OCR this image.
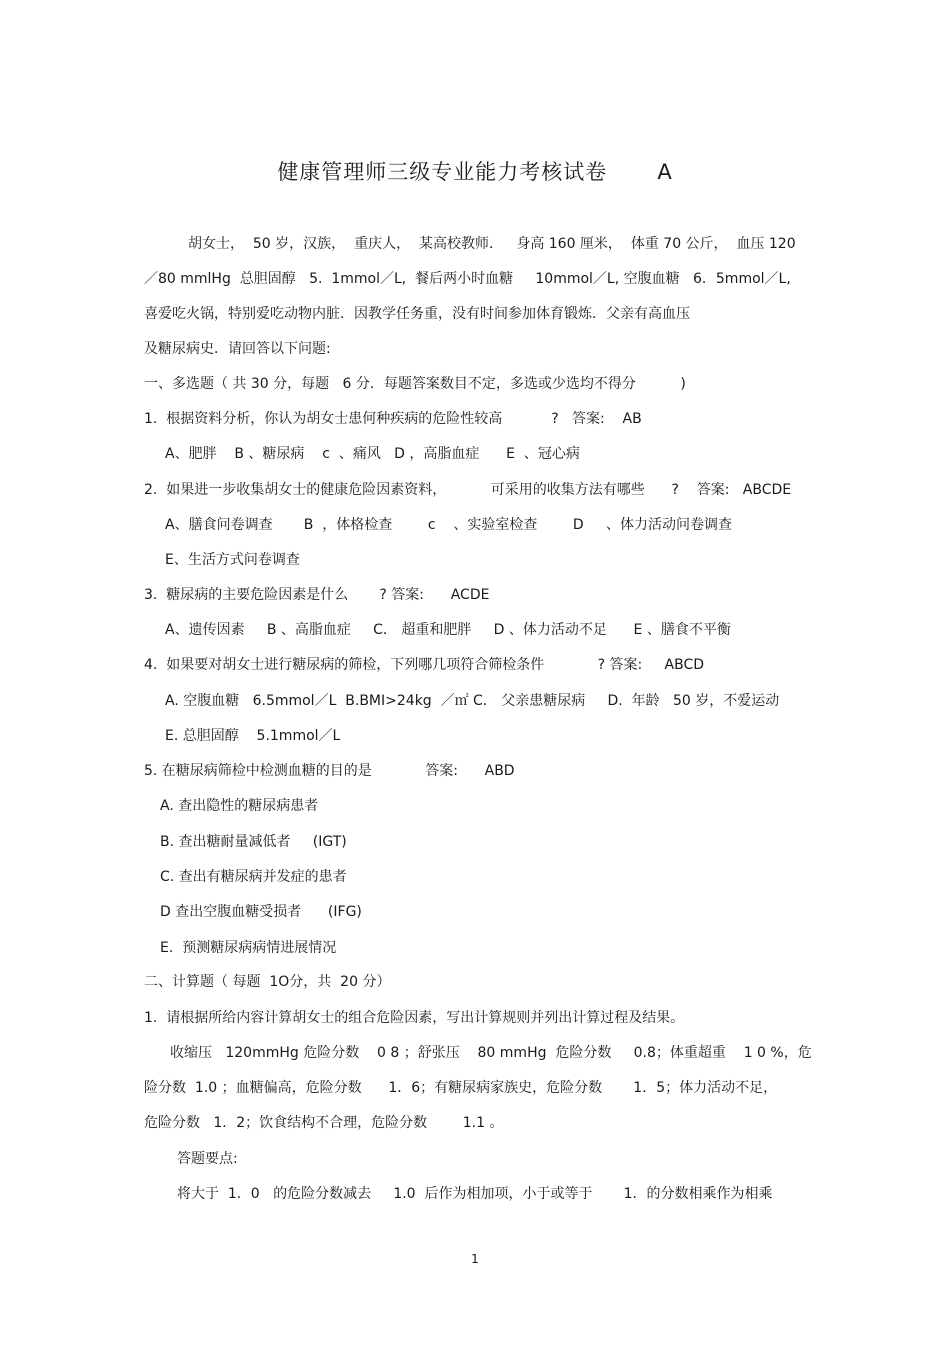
健康管理师三级专业能力考核试卷 A
胡女士，  50 岁，汉族，  重庆人，  某高校教师．   身高 160 厘米，  体重 70 公斤，  血压 120
／80 mmlHg  总胆固醇   5.  1mmol／L,  餐后两小时血糖     10mmol／L, 空腹血糖   6．5mmol／L,
喜爱吃火锅，特别爱吃动物内脏．因教学任务重，没有时间参加体育锻炼．父亲有高血压
及糖尿病史．请回答以下问题:
一、多选题（ 共 30 分，每题   6 分．每题答案数目不定，多选或少选均不得分          )
1.  根据资料分析，你认为胡女士患何种疾病的危险性较高           ?   答案:    AB
A、肥胖    B 、糖尿病    c  、痛风   D ，高脂血症      E  、冠心病
2.  如果进一步收集胡女士的健康危险因素资料，          可采用的收集方法有哪些      ?    答案:   ABCDE
A、膳食问卷调查       B  ，体格检查        c    、实验室检查        D     、体力活动问卷调查
E、生活方式问卷调查
3.  糖尿病的主要危险因素是什么       ? 答案:      ACDE
A、遗传因素     B 、高脂血症     C． 超重和肥胖     D 、体力活动不足      E 、膳食不平衡
4.  如果要对胡女士进行糖尿病的筛检，下列哪几项符合筛检条件            ? 答案:     ABCD
A. 空腹血糖   6.5mmol／L  B.BMI>24kg  ／㎡ C． 父亲患糖尿病     D.  年龄   50 岁，不爱运动
E. 总胆固醇    5.1mmol／L
5. 在糖尿病筛检中检测血糖的目的是            答案:      ABD
A. 查出隐性的糖尿病患者
B. 查出糖耐量减低者     (IGT)
C. 查出有糖尿病并发症的患者
D 查出空腹血糖受损者      (IFG)
E.  预测糖尿病病情进展情况
二、计算题（ 每题  1O分，共  20 分）
1.  请根据所给内容计算胡女士的组合危险因素，写出计算规则并列出计算过程及结果。
收缩压   120mmHg 危险分数    0 8 ；舒张压    80 mmHg  危险分数     0.8；体重超重    1 0 %，危
险分数  1.0 ；血糖偏高，危险分数      1．6；有糖尿病家族史，危险分数       1．5；体力活动不足，
危险分数   1．2；饮食结构不合理，危险分数        1.1 。
答题要点:
将大于  1．0   的危险分数减去     1.0  后作为相加项，小于或等于       1．的分数相乘作为相乘
1
